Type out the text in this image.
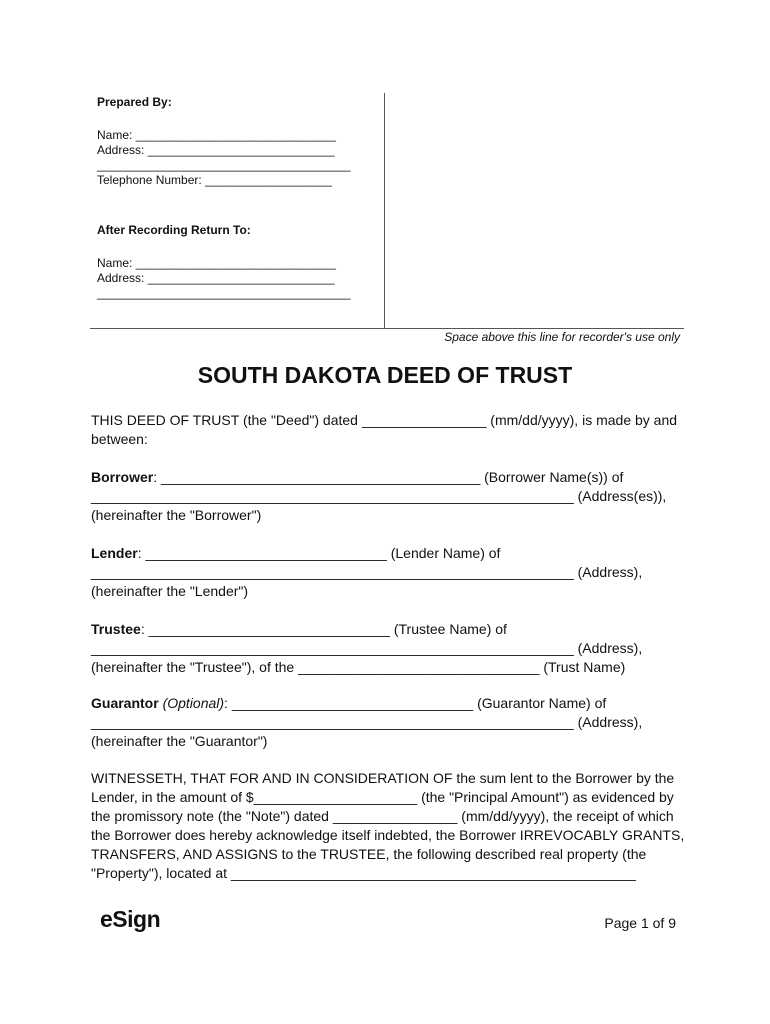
Prepared By:
Name: ______________________________
Address: ____________________________
______________________________________
Telephone Number: ___________________
After Recording Return To:
Name: ______________________________
Address: ____________________________
______________________________________
Space above this line for recorder's use only
SOUTH DAKOTA DEED OF TRUST
THIS DEED OF TRUST (the "Deed") dated ________________ (mm/dd/yyyy), is made by and
between:
Borrower: _________________________________________ (Borrower Name(s)) of
______________________________________________________________ (Address(es)),
(hereinafter the "Borrower")
Lender: _______________________________ (Lender Name) of
______________________________________________________________ (Address),
(hereinafter the "Lender")
Trustee: _______________________________ (Trustee Name) of
______________________________________________________________ (Address),
(hereinafter the "Trustee"), of the _______________________________ (Trust Name)
Guarantor (Optional): _______________________________ (Guarantor Name) of
______________________________________________________________ (Address),
(hereinafter the "Guarantor")
WITNESSETH, THAT FOR AND IN CONSIDERATION OF the sum lent to the Borrower by the
Lender, in the amount of $_____________________ (the "Principal Amount") as evidenced by
the promissory note (the "Note") dated ________________ (mm/dd/yyyy), the receipt of which
the Borrower does hereby acknowledge itself indebted, the Borrower IRREVOCABLY GRANTS,
TRANSFERS, AND ASSIGNS to the TRUSTEE, the following described real property (the
"Property"), located at ____________________________________________________
eSign	Page 1 of 9
